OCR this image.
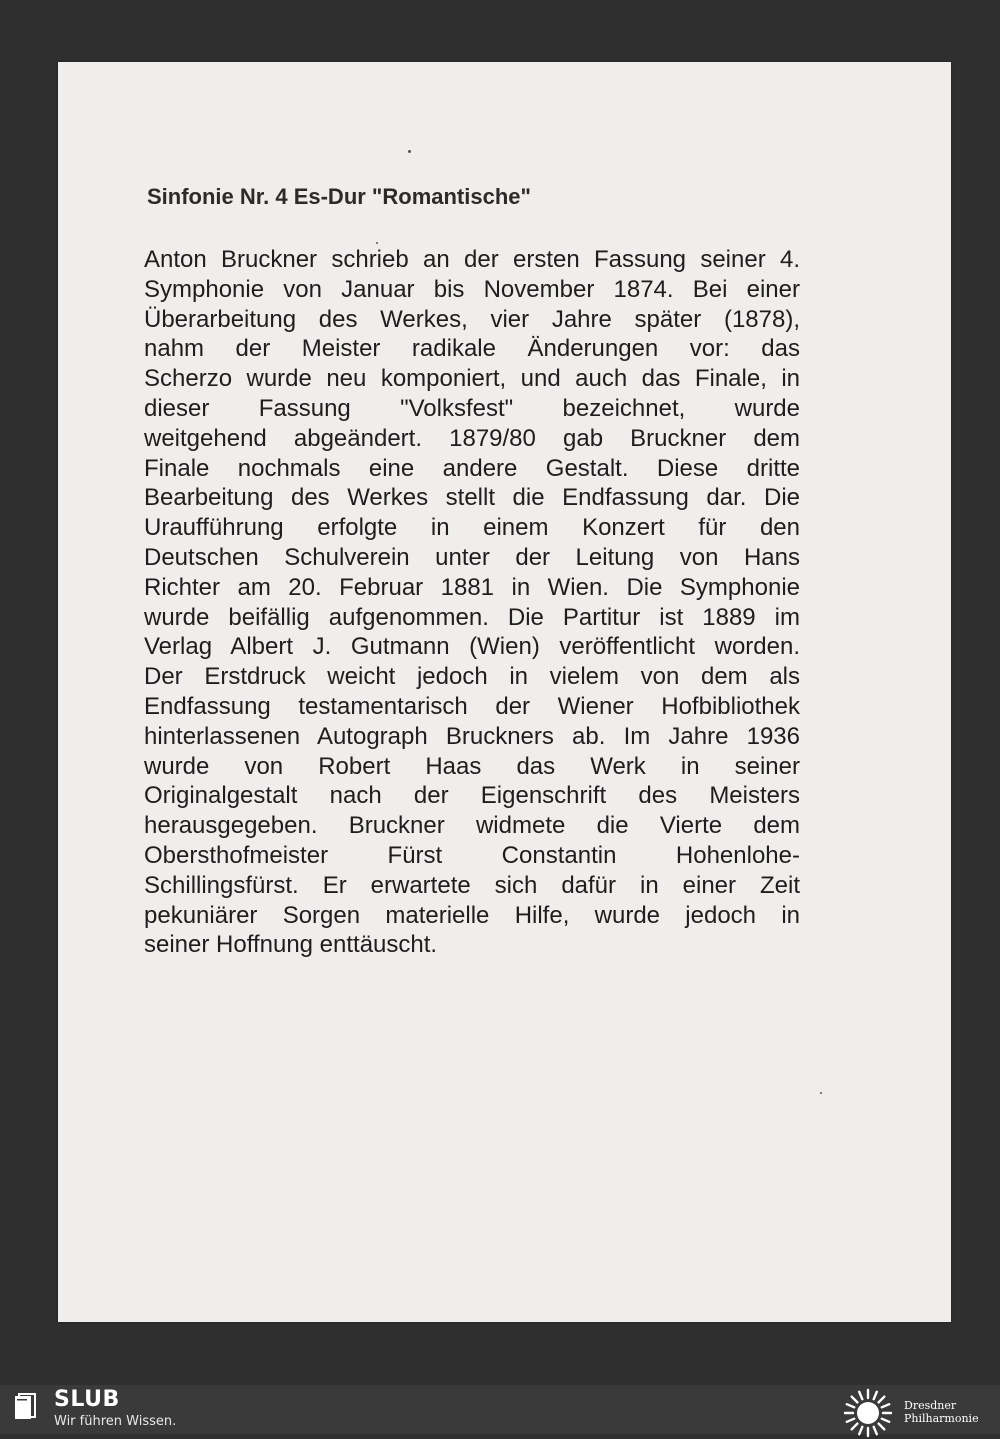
Sinfonie Nr. 4 Es-Dur "Romantische"
Anton Bruckner schrieb an der ersten Fassung seiner 4.
Symphonie von Januar bis November 1874. Bei einer
Überarbeitung des Werkes, vier Jahre später (1878),
nahm der Meister radikale Änderungen vor: das
Scherzo wurde neu komponiert, und auch das Finale, in
dieser Fassung "Volksfest" bezeichnet, wurde
weitgehend abgeändert. 1879/80 gab Bruckner dem
Finale nochmals eine andere Gestalt. Diese dritte
Bearbeitung des Werkes stellt die Endfassung dar. Die
Uraufführung erfolgte in einem Konzert für den
Deutschen Schulverein unter der Leitung von Hans
Richter am 20. Februar 1881 in Wien. Die Symphonie
wurde beifällig aufgenommen. Die Partitur ist 1889 im
Verlag Albert J. Gutmann (Wien) veröffentlicht worden.
Der Erstdruck weicht jedoch in vielem von dem als
Endfassung testamentarisch der Wiener Hofbibliothek
hinterlassenen Autograph Bruckners ab. Im Jahre 1936
wurde von Robert Haas das Werk in seiner
Originalgestalt nach der Eigenschrift des Meisters
herausgegeben. Bruckner widmete die Vierte dem
Obersthofmeister Fürst Constantin Hohenlohe-
Schillingsfürst. Er erwartete sich dafür in einer Zeit
pekuniärer Sorgen materielle Hilfe, wurde jedoch in
seiner Hoffnung enttäuscht.
SLUB
Wir führen Wissen.
Dresdner
Philharmonie
